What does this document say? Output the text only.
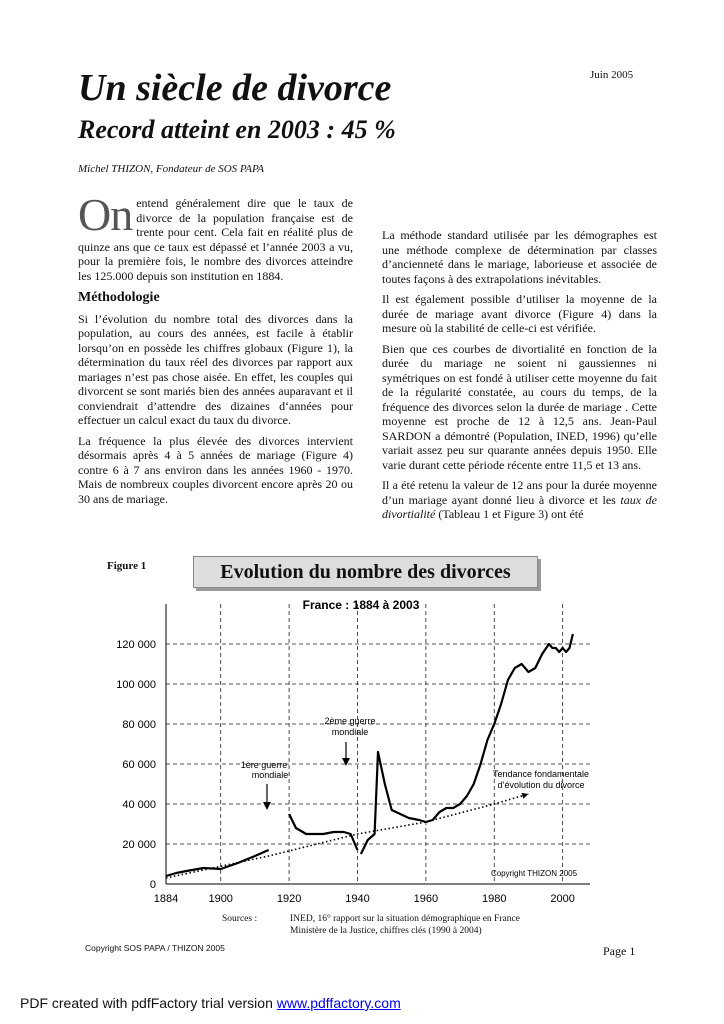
Juin 2005
Un siècle de divorce
Record atteint en 2003 : 45 %
Michel THIZON, Fondateur de SOS PAPA

On entend généralement dire que le taux de divorce de la population française est de trente pour cent. Cela fait en réalité plus de quinze ans que ce taux est dépassé et l’année 2003 a vu, pour la première fois, le nombre des divorces atteindre les 125.000 depuis son institution en 1884.

Méthodologie

Si l’évolution du nombre total des divorces dans la population, au cours des années, est facile à établir lorsqu’on en possède les chiffres globaux (Figure 1), la détermination du taux réel des divorces par rapport aux mariages n’est pas chose aisée. En effet, les couples qui divorcent se sont mariés bien des années auparavant et il conviendrait d’attendre des dizaines d‘années pour effectuer un calcul exact du taux du divorce.

La fréquence la plus élevée des divorces intervient désormais après 4 à 5 années de mariage (Figure 4) contre 6 à 7 ans environ dans les années 1960 - 1970. Mais de nombreux couples divorcent encore après 20 ou 30 ans de mariage.

La méthode standard utilisée par les démographes est une méthode complexe de détermination par classes d’ancienneté dans le mariage, laborieuse et associée de toutes façons à des extrapolations inévitables.

Il est également possible d’utiliser la moyenne de la durée de mariage avant divorce (Figure 4) dans la mesure où la stabilité de celle-ci est vérifiée.

Bien que ces courbes de divortialité en fonction de la durée du mariage ne soient ni gaussiennes ni symétriques on est fondé à utiliser cette moyenne du fait de la régularité constatée, au cours du temps, de la fréquence des divorces selon la durée de mariage . Cette moyenne est proche de 12 à 12,5 ans. Jean-Paul SARDON a démontré (Population, INED, 1996) qu’elle variait assez peu sur quarante années depuis 1950. Elle varie durant cette période récente entre 11,5 et 13 ans.

Il a été retenu la valeur de 12 ans pour la durée moyenne d’un mariage ayant donné lieu à divorce et les taux de divortialité (Tableau 1 et Figure 3) ont été

Figure 1	Evolution du nombre des divorces
France : 1884 à 2003
0
20 000
40 000
60 000
80 000
100 000
120 000
1884	1900	1920	1940	1960	1980	2000
1ère guerre
mondiale
2ème guerre
mondiale
Tendance fondamentale
d’évolution du divorce
Copyright THIZON 2005
Sources :	INED, 16° rapport sur la situation démographique en France
Ministère de la Justice, chiffres clés (1990 à 2004)
Copyright SOS PAPA / THIZON 2005	Page 1
PDF created with pdfFactory trial version www.pdffactory.com
